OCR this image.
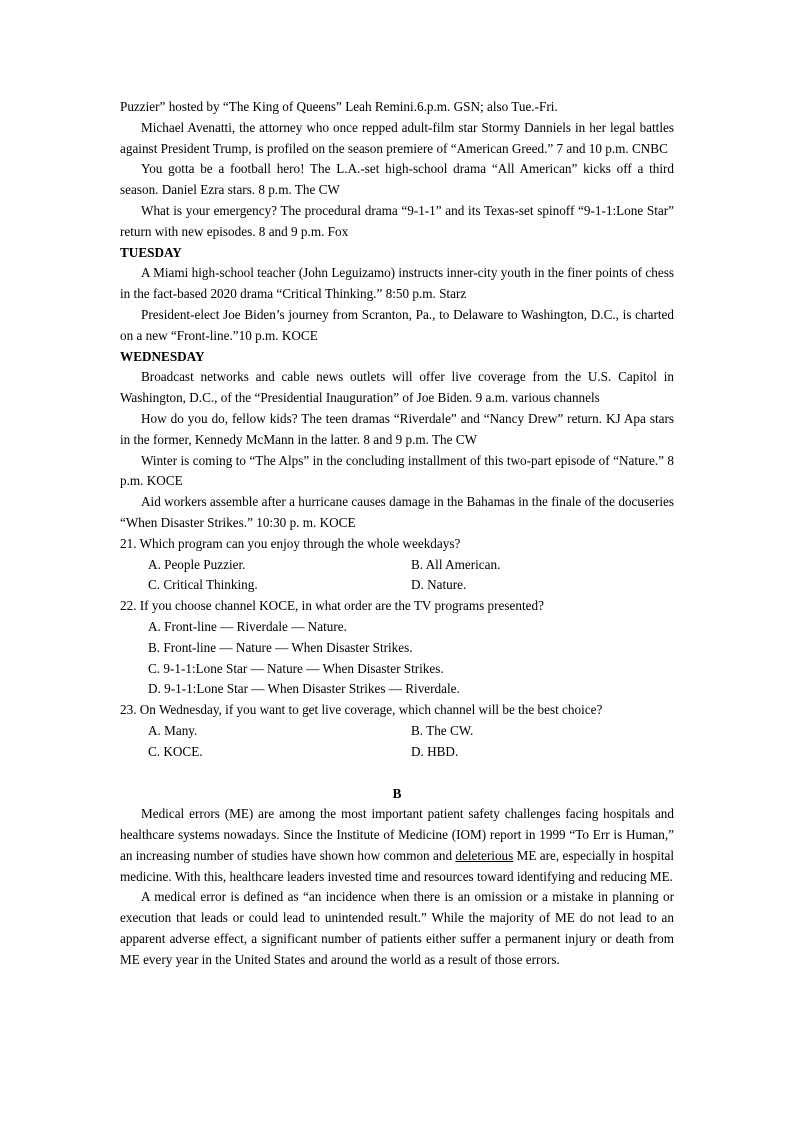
Puzzier” hosted by “The King of Queens” Leah Remini.6.p.m. GSN; also Tue.-Fri.

Michael Avenatti, the attorney who once repped adult-film star Stormy Danniels in her legal battles against President Trump, is profiled on the season premiere of “American Greed.” 7 and 10 p.m. CNBC

You gotta be a football hero! The L.A.-set high-school drama “All American” kicks off a third season. Daniel Ezra stars. 8 p.m. The CW

What is your emergency? The procedural drama “9-1-1” and its Texas-set spinoff “9-1-1:Lone Star” return with new episodes. 8 and 9 p.m. Fox

TUESDAY

A Miami high-school teacher (John Leguizamo) instructs inner-city youth in the finer points of chess in the fact-based 2020 drama “Critical Thinking.” 8:50 p.m. Starz

President-elect Joe Biden’s journey from Scranton, Pa., to Delaware to Washington, D.C., is charted on a new “Front-line.”10 p.m. KOCE

WEDNESDAY

Broadcast networks and cable news outlets will offer live coverage from the U.S. Capitol in Washington, D.C., of the “Presidential Inauguration” of Joe Biden. 9 a.m. various channels

How do you do, fellow kids? The teen dramas “Riverdale” and “Nancy Drew” return. KJ Apa stars in the former, Kennedy McMann in the latter. 8 and 9 p.m. The CW

Winter is coming to “The Alps” in the concluding installment of this two-part episode of “Nature.” 8 p.m. KOCE

Aid workers assemble after a hurricane causes damage in the Bahamas in the finale of the docuseries “When Disaster Strikes.” 10:30 p. m. KOCE

21. Which program can you enjoy through the whole weekdays?

A. People Puzzier.	B. All American.
C. Critical Thinking.	D. Nature.

22. If you choose channel KOCE, in what order are the TV programs presented?

A. Front-line — Riverdale — Nature.
B. Front-line — Nature — When Disaster Strikes.
C. 9-1-1:Lone Star — Nature — When Disaster Strikes.
D. 9-1-1:Lone Star — When Disaster Strikes — Riverdale.

23. On Wednesday, if you want to get live coverage, which channel will be the best choice?

A. Many.	B. The CW.
C. KOCE.	D. HBD.

B

Medical errors (ME) are among the most important patient safety challenges facing hospitals and healthcare systems nowadays. Since the Institute of Medicine (IOM) report in 1999 “To Err is Human,” an increasing number of studies have shown how common and deleterious ME are, especially in hospital medicine. With this, healthcare leaders invested time and resources toward identifying and reducing ME.

A medical error is defined as “an incidence when there is an omission or a mistake in planning or execution that leads or could lead to unintended result.” While the majority of ME do not lead to an apparent adverse effect, a significant number of patients either suffer a permanent injury or death from ME every year in the United States and around the world as a result of those errors.
